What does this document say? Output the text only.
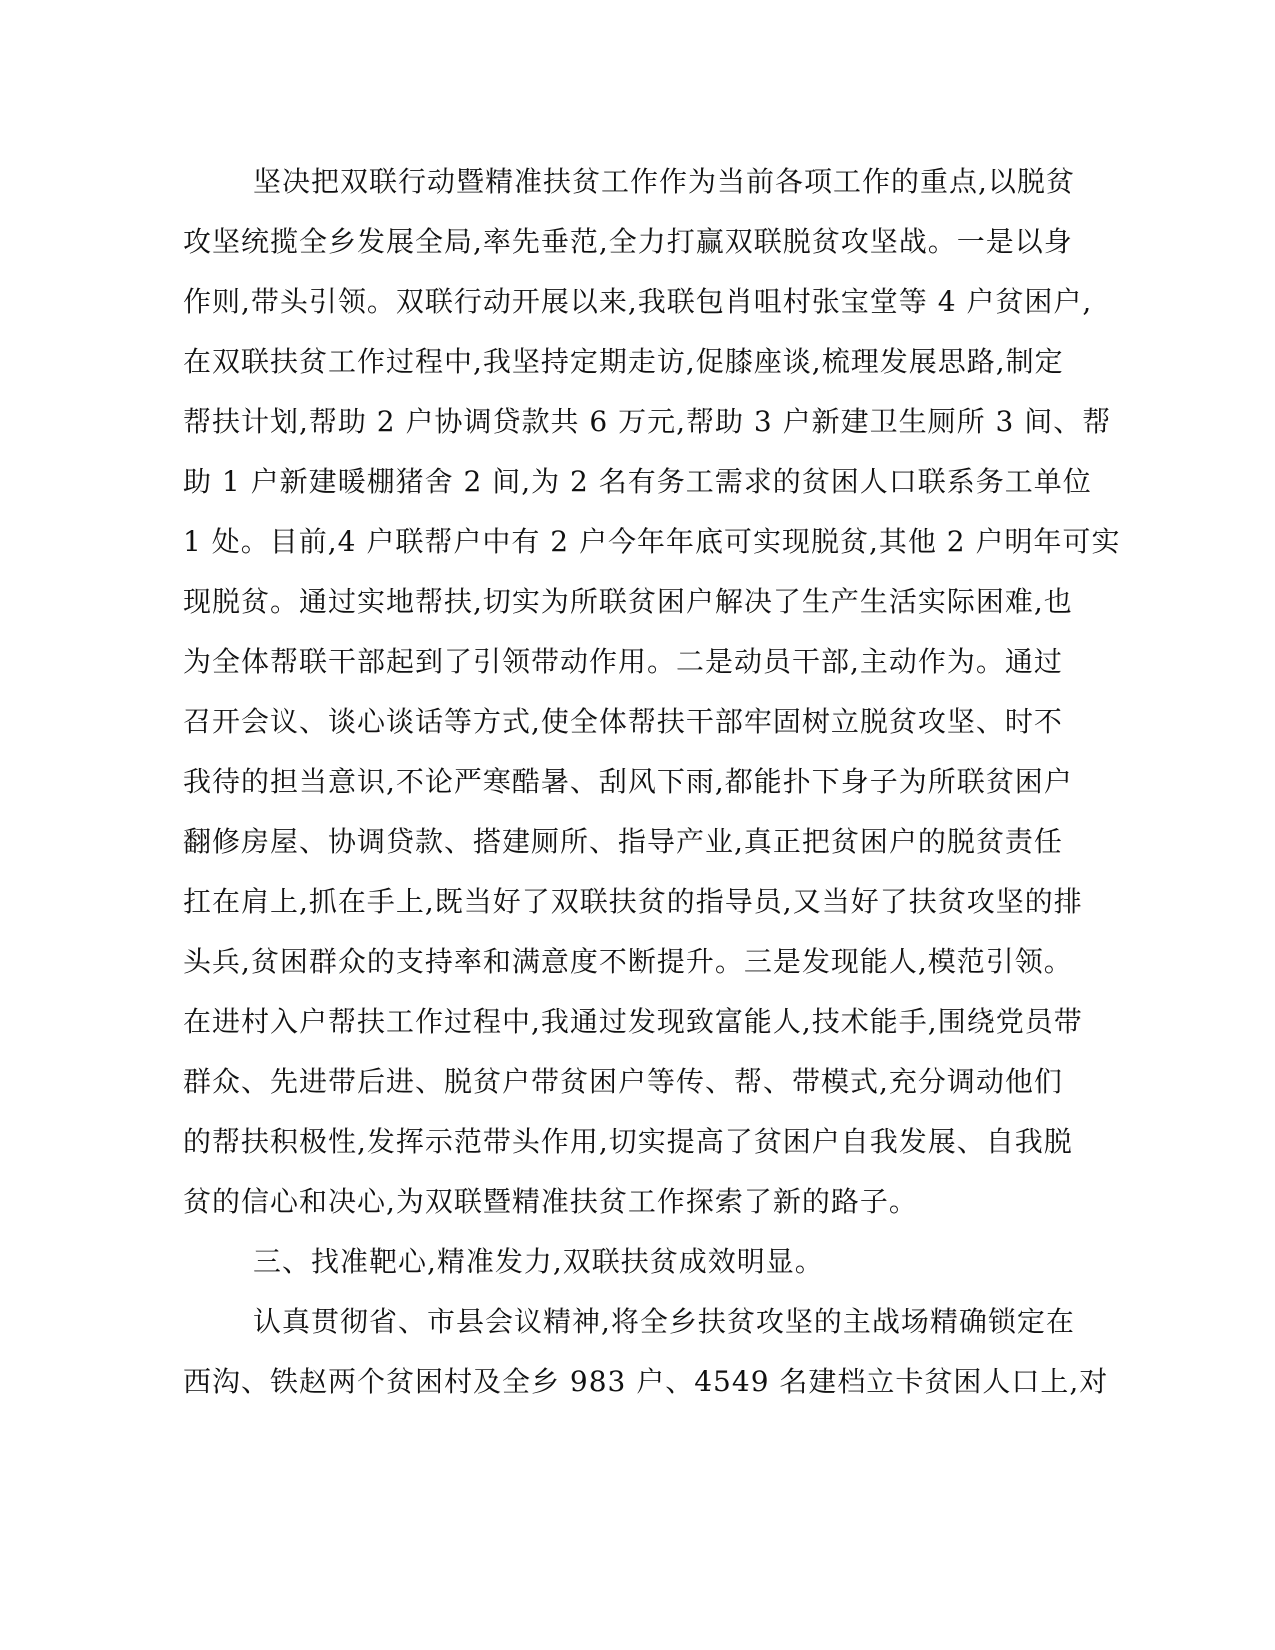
坚决把双联行动暨精准扶贫工作作为当前各项工作的重点,以脱贫
攻坚统揽全乡发展全局,率先垂范,全力打赢双联脱贫攻坚战。一是以身
作则,带头引领。双联行动开展以来,我联包肖咀村张宝堂等 4 户贫困户,
在双联扶贫工作过程中,我坚持定期走访,促膝座谈,梳理发展思路,制定
帮扶计划,帮助 2 户协调贷款共 6 万元,帮助 3 户新建卫生厕所 3 间、帮
助 1 户新建暖棚猪舍 2 间,为 2 名有务工需求的贫困人口联系务工单位
1 处。目前,4 户联帮户中有 2 户今年年底可实现脱贫,其他 2 户明年可实
现脱贫。通过实地帮扶,切实为所联贫困户解决了生产生活实际困难,也
为全体帮联干部起到了引领带动作用。二是动员干部,主动作为。通过
召开会议、谈心谈话等方式,使全体帮扶干部牢固树立脱贫攻坚、时不
我待的担当意识,不论严寒酷暑、刮风下雨,都能扑下身子为所联贫困户
翻修房屋、协调贷款、搭建厕所、指导产业,真正把贫困户的脱贫责任
扛在肩上,抓在手上,既当好了双联扶贫的指导员,又当好了扶贫攻坚的排
头兵,贫困群众的支持率和满意度不断提升。三是发现能人,模范引领。
在进村入户帮扶工作过程中,我通过发现致富能人,技术能手,围绕党员带
群众、先进带后进、脱贫户带贫困户等传、帮、带模式,充分调动他们
的帮扶积极性,发挥示范带头作用,切实提高了贫困户自我发展、自我脱
贫的信心和决心,为双联暨精准扶贫工作探索了新的路子。
三、找准靶心,精准发力,双联扶贫成效明显。
认真贯彻省、市县会议精神,将全乡扶贫攻坚的主战场精确锁定在
西沟、铁赵两个贫困村及全乡 983 户、4549 名建档立卡贫困人口上,对
